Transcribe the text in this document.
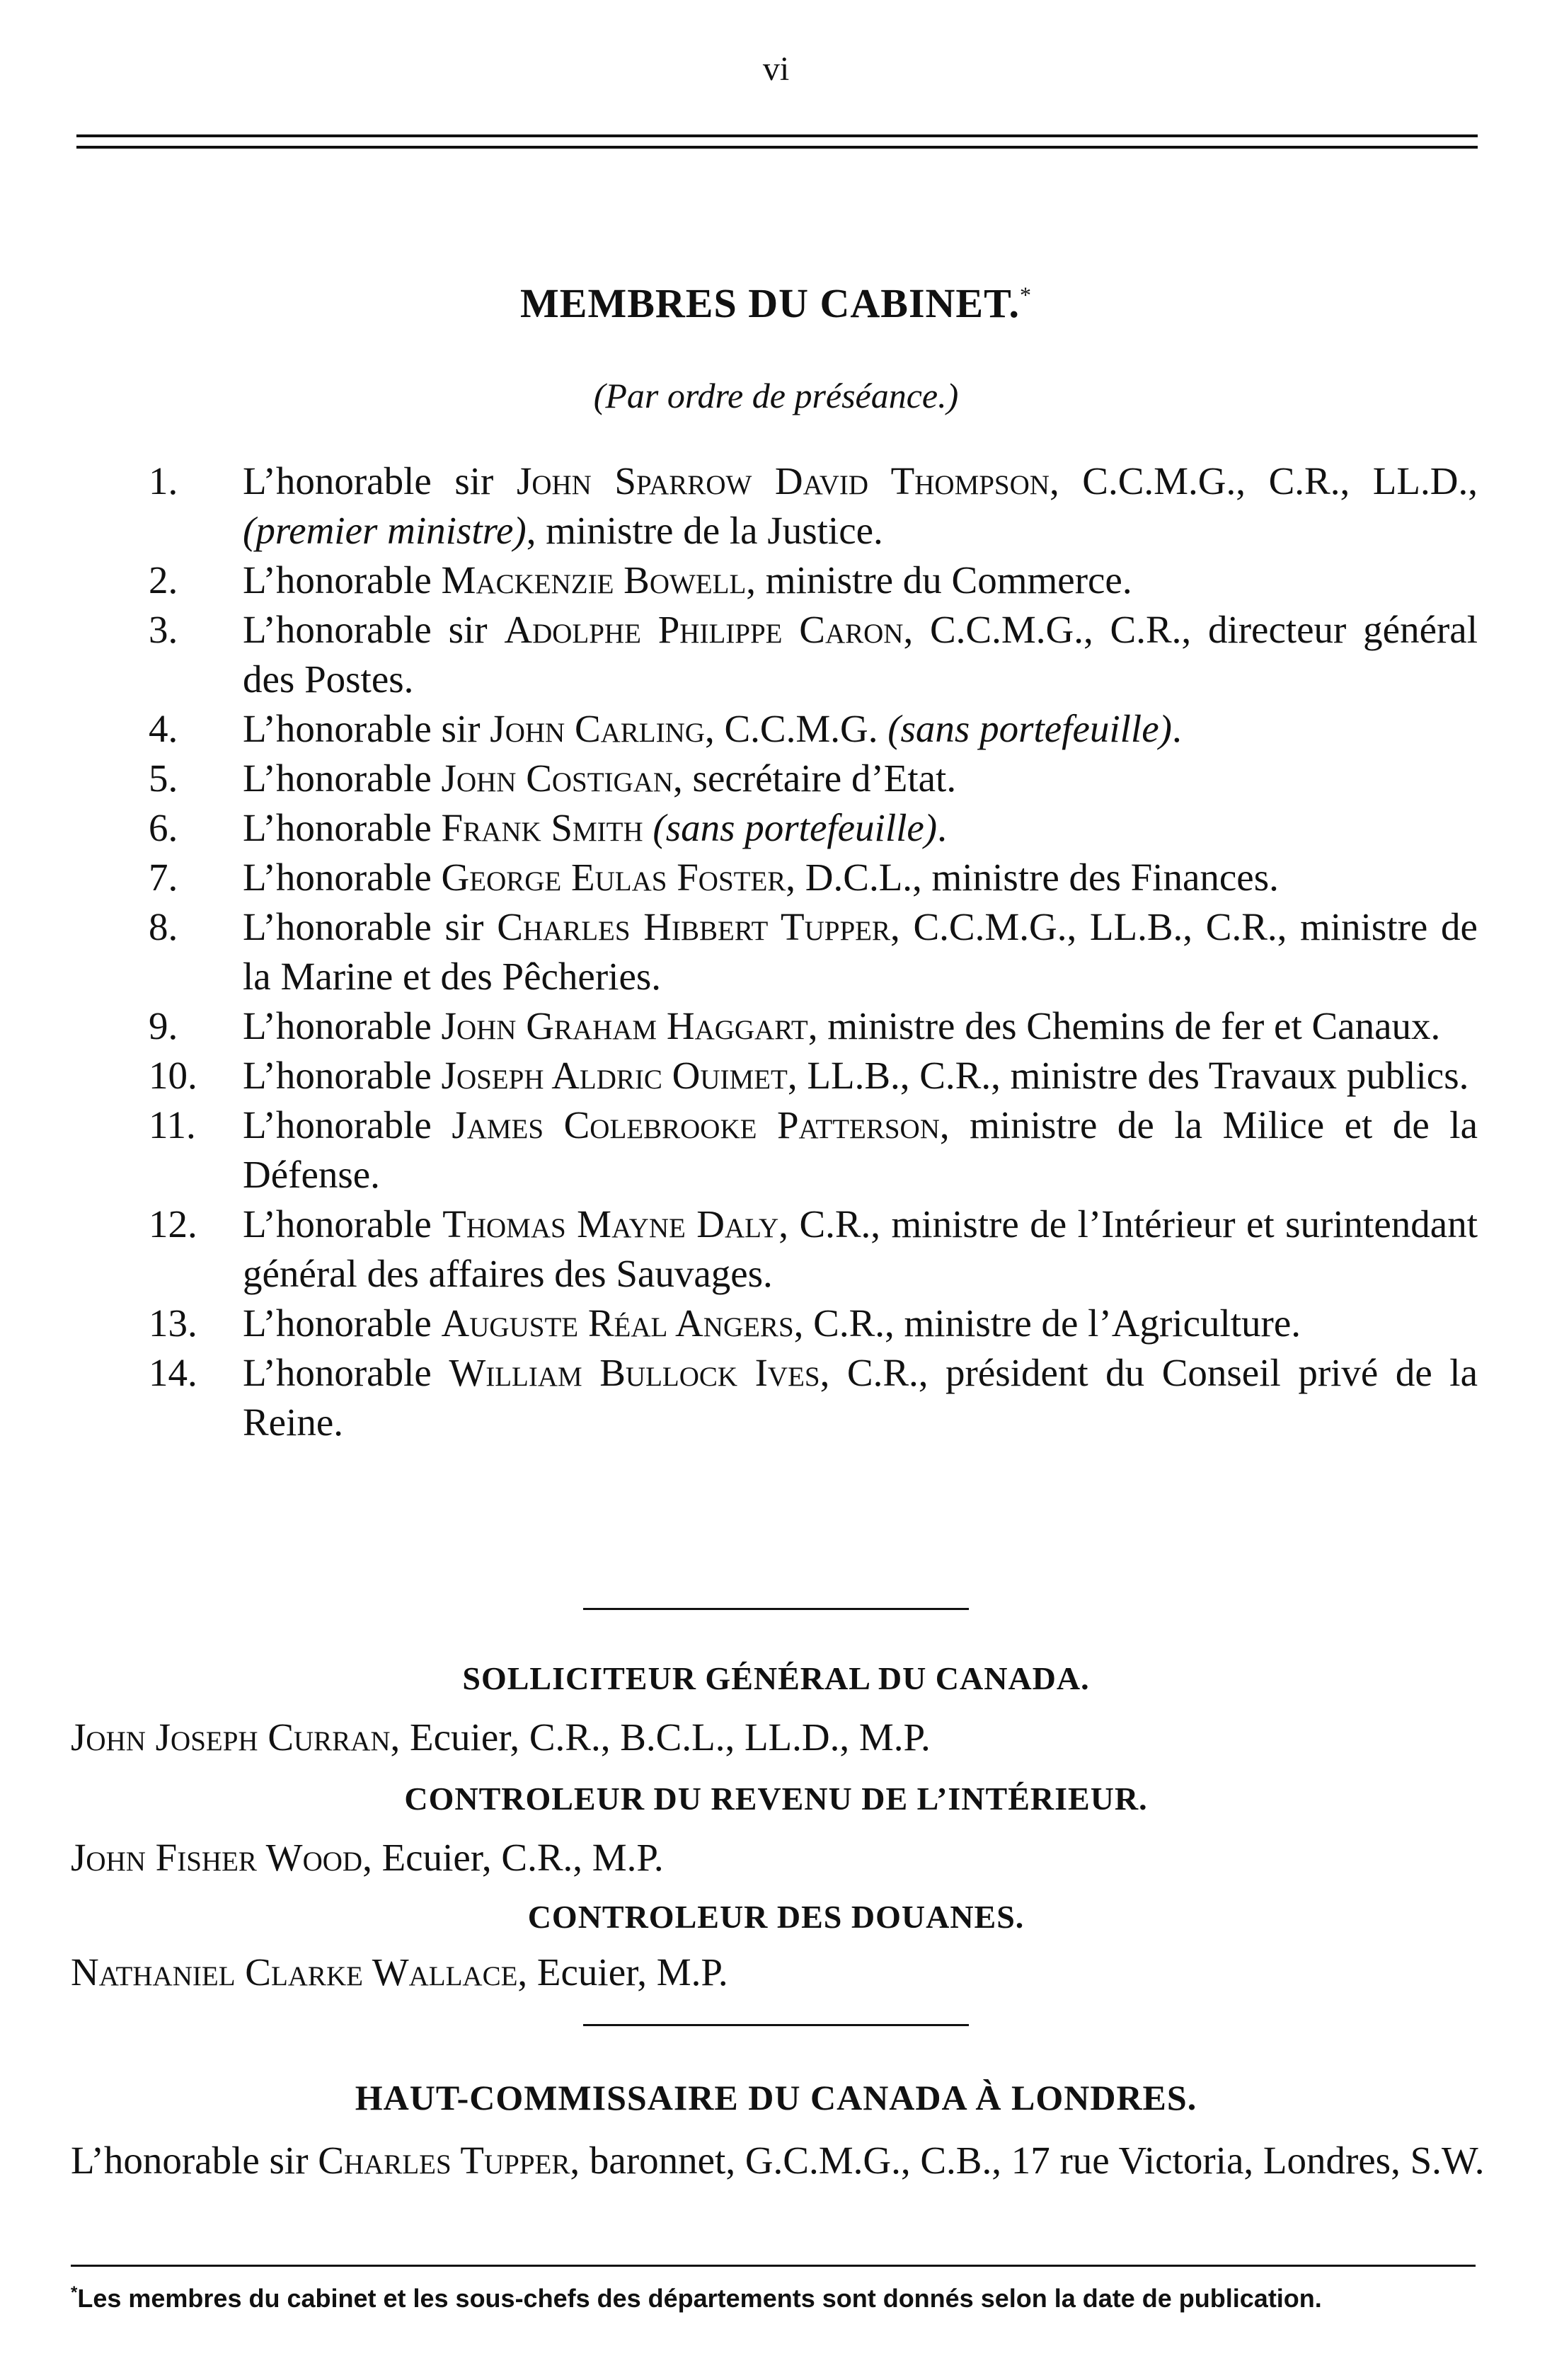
vi
MEMBRES DU CABINET.*
(Par ordre de préséance.)
1. L’honorable sir John Sparrow David Thompson, C.C.M.G., C.R., LL.D., (premier ministre), ministre de la Justice.
2. L’honorable Mackenzie Bowell, ministre du Commerce.
3. L’honorable sir Adolphe Philippe Caron, C.C.M.G., C.R., directeur général des Postes.
4. L’honorable sir John Carling, C.C.M.G. (sans portefeuille).
5. L’honorable John Costigan, secrétaire d’Etat.
6. L’honorable Frank Smith (sans portefeuille).
7. L’honorable George Eulas Foster, D.C.L., ministre des Finances.
8. L’honorable sir Charles Hibbert Tupper, C.C.M.G., LL.B., C.R., ministre de la Marine et des Pêcheries.
9. L’honorable John Graham Haggart, ministre des Chemins de fer et Canaux.
10. L’honorable Joseph Aldric Ouimet, LL.B., C.R., ministre des Travaux publics.
11. L’honorable James Colebrooke Patterson, ministre de la Milice et de la Défense.
12. L’honorable Thomas Mayne Daly, C.R., ministre de l’Intérieur et surintendant général des affaires des Sauvages.
13. L’honorable Auguste Réal Angers, C.R., ministre de l’Agriculture.
14. L’honorable William Bullock Ives, C.R., président du Conseil privé de la Reine.
SOLLICITEUR GÉNÉRAL DU CANADA.
John Joseph Curran, Ecuier, C.R., B.C.L., LL.D., M.P.
CONTROLEUR DU REVENU DE L’INTÉRIEUR.
John Fisher Wood, Ecuier, C.R., M.P.
CONTROLEUR DES DOUANES.
Nathaniel Clarke Wallace, Ecuier, M.P.
HAUT-COMMISSAIRE DU CANADA À LONDRES.
L’honorable sir Charles Tupper, baronnet, G.C.M.G., C.B., 17 rue Victoria, Londres, S.W.
*Les membres du cabinet et les sous-chefs des départements sont donnés selon la date de publication.
